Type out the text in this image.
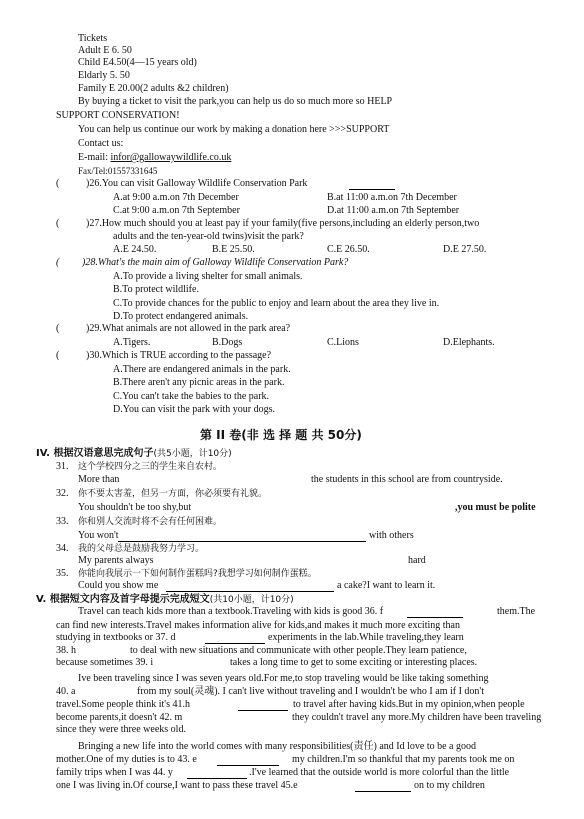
Tickets
Adult E 6. 50
Child E4.50(4—15 years old)
Eldarly 5. 50
Family E 20.00(2 adults &2 children)
By buying a ticket to visit the park,you can help us do so much more so HELP
SUPPORT CONSERVATION!
You can help us continue our work by making a donation here >>>SUPPORT
Contact us:
E-mail: infor@gallowaywildlife.co.uk
Fax/Tel:01557331645
(	)26.You can visit Galloway Wildlife Conservation Park
A.at 9:00 a.m.on 7th December	B.at 11:00 a.m.on 7th December
C.at 9:00 a.m.on 7th September	D.at 11:00 a.m.on 7th September
(	)27.How much should you at least pay if your family(five persons,including an elderly person,two
adults and the ten-year-old twins)visit the park?
A.E 24.50.	B.E 25.50.	C.E 26.50.	D.E 27.50.
( )28.What's the main aim of Galloway Wildlife Conservation Park?
A.To provide a living shelter for small animals.
B.To protect wildlife.
C.To provide chances for the public to enjoy and learn about the area they live in.
D.To protect endangered animals.
(	)29.What animals are not allowed in the park area?
A.Tigers.	B.Dogs	C.Lions	D.Elephants.
(	)30.Which is TRUE according to the passage?
A.There are endangered animals in the park.
B.There aren't any picnic areas in the park.
C.You can't take the babies to the park.
D.You can visit the park with your dogs.
第 II 卷(非 选 择 题 共 50分)
IV. 根据汉语意思完成句子(共5小题，计10分)
31. 这个学校四分之三的学生来自农村。
More than	the students in this school are from countryside.
32. 你不要太害羞，但另一方面，你必须要有礼貌。
You shouldn't be too shy,but	,you must be polite
33. 你和别人交流时将不会有任何困难。
You won't	with others
34. 我的父母总是鼓励我努力学习。
My parents always	hard
35. 你能向我展示一下如何制作蛋糕吗?我想学习如何制作蛋糕。
Could you show me	a cake?I want to learn it.
V. 根据短文内容及首字母提示完成短文(共10小题，计10分)
Travel can teach kids more than a textbook.Traveling with kids is good 36. f	them.The
can find new interests.Travel makes information alive for kids,and makes it much more exciting than
studying in textbooks or 37. d	experiments in the lab.While traveling,they learn
38. h	to deal with new situations and communicate with other people.They learn patience,
because sometimes 39. i	takes a long time to get to some exciting or interesting places.
Ive been traveling since I was seven years old.For me,to stop traveling would be like taking something
40. a	from my soul(灵魂). I can't live without traveling and I wouldn't be who I am if I don't
travel.Some people think it's 41.h	to travel after having kids.But in my opinion,when people
become parents,it doesn't 42. m	they couldn't travel any more.My children have been traveling
since they were three weeks old.
Bringing a new life into the world comes with many responsibilities(责任) and Id love to be a good
mother.One of my duties is to 43. e	my children.I'm so thankful that my parents took me on
family trips when I was 44. y	.I've learned that the outside world is more colorful than the little
one I was living in.Of course,I want to pass these travel 45.e	on to my children
